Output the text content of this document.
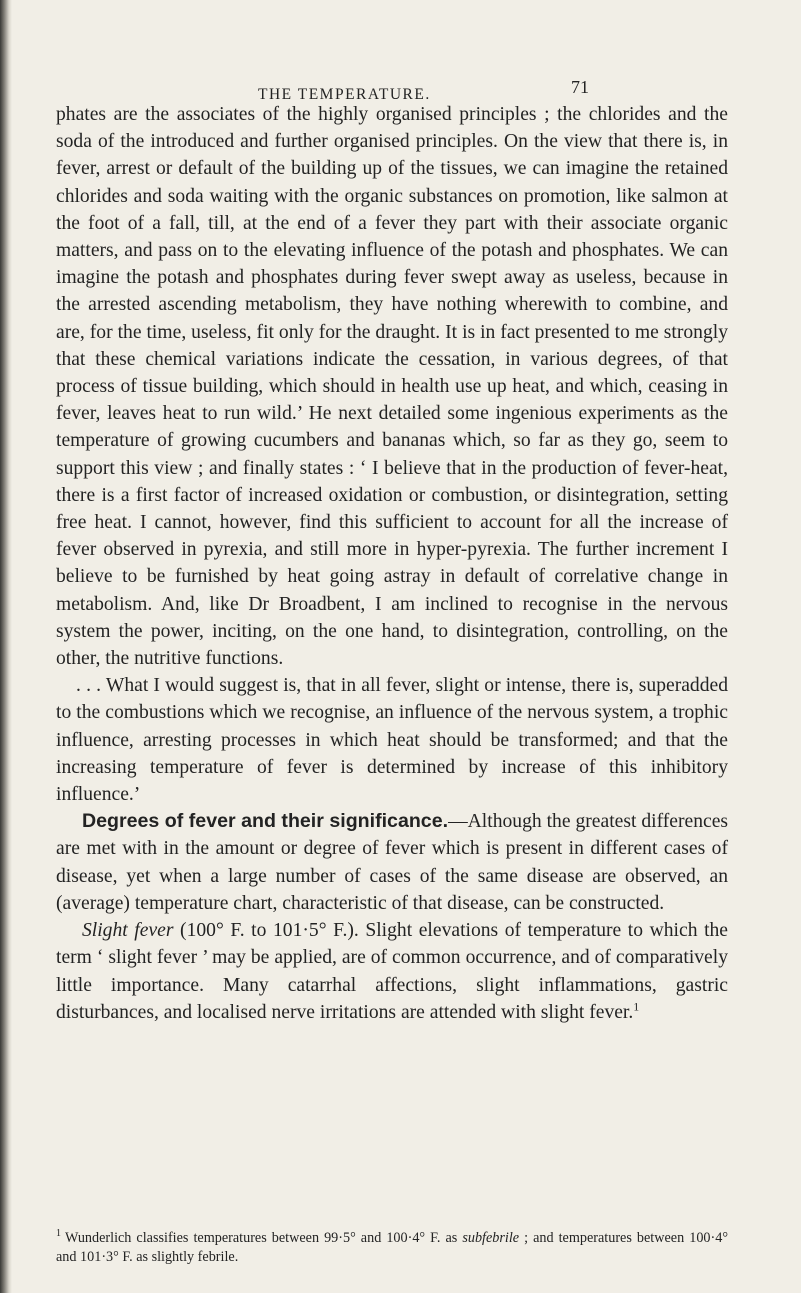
THE TEMPERATURE.	71

phates are the associates of the highly organised principles ; the chlorides and the soda of the introduced and further organised principles. On the view that there is, in fever, arrest or default of the building up of the tissues, we can imagine the retained chlorides and soda waiting with the organic substances on promotion, like salmon at the foot of a fall, till, at the end of a fever they part with their associate organic matters, and pass on to the elevating influence of the potash and phosphates. We can imagine the potash and phosphates during fever swept away as useless, because in the arrested ascending metabolism, they have nothing wherewith to combine, and are, for the time, useless, fit only for the draught. It is in fact presented to me strongly that these chemical variations indicate the cessation, in various degrees, of that process of tissue building, which should in health use up heat, and which, ceasing in fever, leaves heat to run wild.’ He next detailed some ingenious experiments as the temperature of growing cucumbers and bananas which, so far as they go, seem to support this view ; and finally states : ‘ I believe that in the production of fever-heat, there is a first factor of increased oxidation or combustion, or disintegration, setting free heat. I cannot, however, find this sufficient to account for all the increase of fever observed in pyrexia, and still more in hyper-pyrexia. The further increment I believe to be furnished by heat going astray in default of correlative change in metabolism. And, like Dr Broadbent, I am inclined to recognise in the nervous system the power, inciting, on the one hand, to disintegration, controlling, on the other, the nutritive functions.

. . . What I would suggest is, that in all fever, slight or intense, there is, superadded to the combustions which we recognise, an influence of the nervous system, a trophic influence, arresting processes in which heat should be transformed; and that the increasing temperature of fever is determined by increase of this inhibitory influence.’

Degrees of fever and their significance.—Although the greatest differences are met with in the amount or degree of fever which is present in different cases of disease, yet when a large number of cases of the same disease are observed, an (average) temperature chart, characteristic of that disease, can be constructed.

Slight fever (100° F. to 101·5° F.). Slight elevations of temperature to which the term ‘ slight fever ’ may be applied, are of common occurrence, and of comparatively little importance. Many catarrhal affections, slight inflammations, gastric disturbances, and localised nerve irritations are attended with slight fever.$^1$

$^1$ Wunderlich classifies temperatures between 99·5° and 100·4° F. as subfebrile ; and temperatures between 100·4° and 101·3° F. as slightly febrile.
